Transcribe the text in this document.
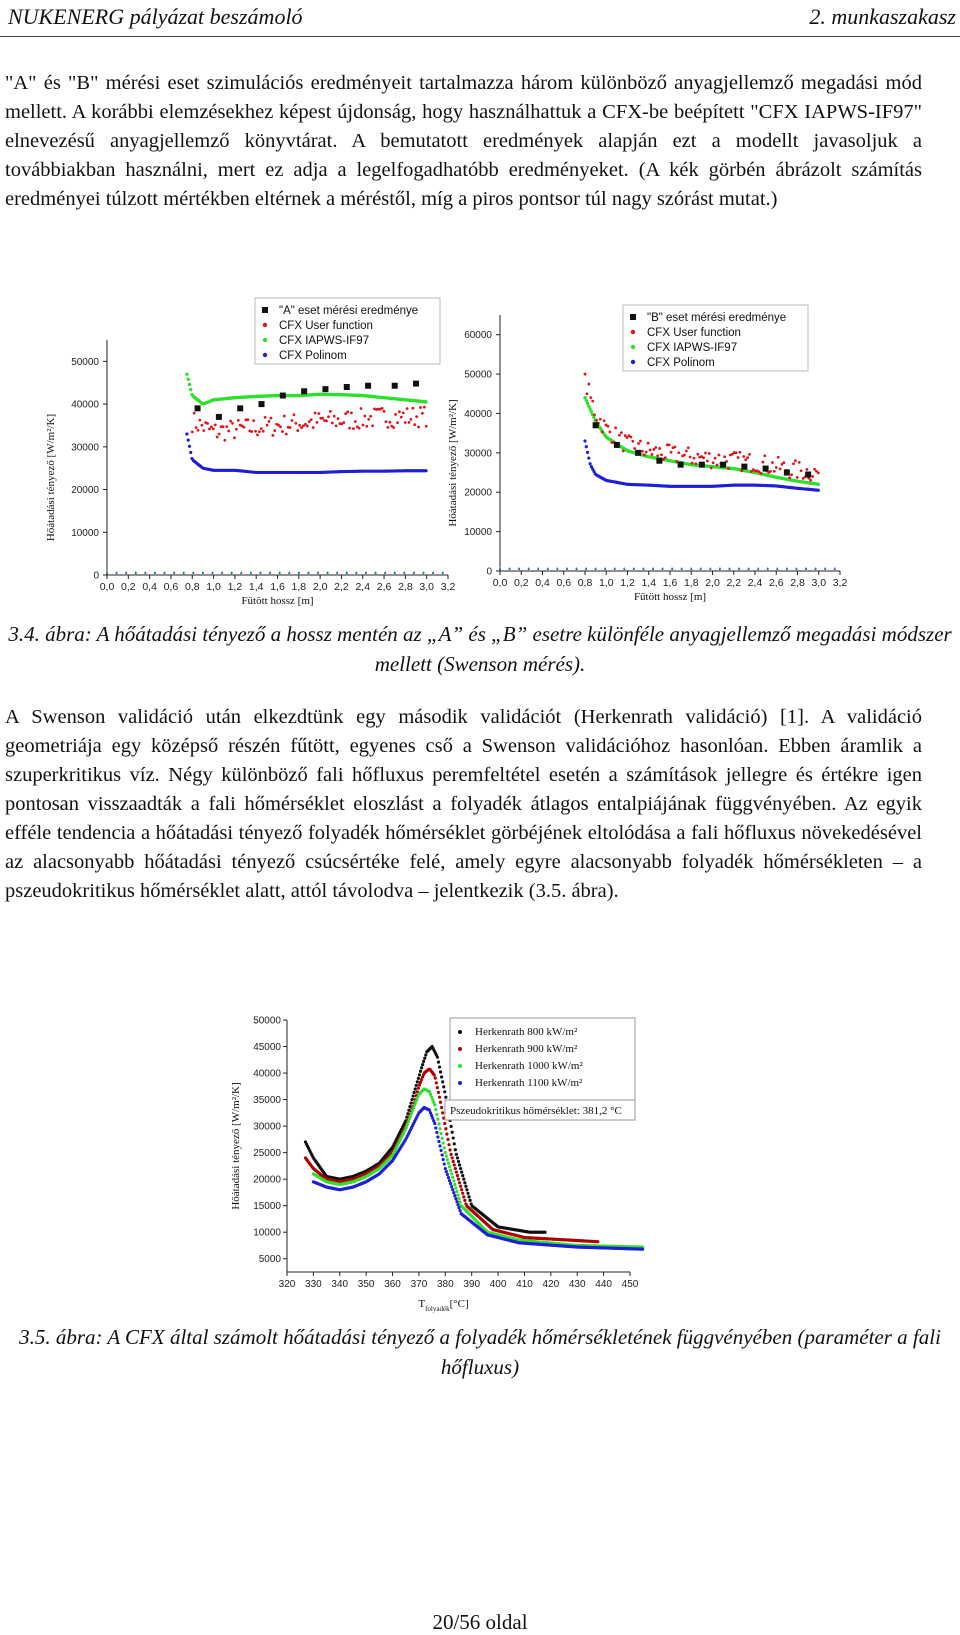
NUKENERG pályázat beszámoló	2. munkaszakasz

"A" és "B" mérési eset szimulációs eredményeit tartalmazza három különböző anyagjellemző megadási mód mellett. A korábbi elemzésekhez képest újdonság, hogy használhattuk a CFX-be beépített "CFX IAPWS-IF97" elnevezésű anyagjellemző könyvtárat. A bemutatott eredmények alapján ezt a modellt javasoljuk a továbbiakban használni, mert ez adja a legelfogadhatóbb eredményeket. (A kék görbén ábrázolt számítás eredményei túlzott mértékben eltérnek a méréstől, míg a piros pontsor túl nagy szórást mutat.)

0
10000
20000
30000
40000
50000
0,0 0,2 0,4 0,6 0,8 1,0 1,2 1,4 1,6 1,8 2,0 2,2 2,4 2,6 2,8 3,0 3,2
Fűtött hossz [m]
Hőátadási tényező [W/m²/K]
"A" eset mérési eredménye
CFX User function
CFX IAPWS-IF97
CFX Polinom
0
10000
20000
30000
40000
50000
60000
0,0 0,2 0,4 0,6 0,8 1,0 1,2 1,4 1,6 1,8 2,0 2,2 2,4 2,6 2,8 3,0 3,2
Fűtött hossz [m]
Hőátadási tényező [W/m²/K]
"B" eset mérési eredménye
CFX User function
CFX IAPWS-IF97
CFX Polinom
3.4. ábra: A hőátadási tényező a hossz mentén az „A” és „B” esetre különféle anyagjellemző megadási módszer mellett (Swenson mérés).

A Swenson validáció után elkezdtünk egy második validációt (Herkenrath validáció) [1]. A validáció geometriája egy középső részén fűtött, egyenes cső a Swenson validációhoz hasonlóan. Ebben áramlik a szuperkritikus víz. Négy különböző fali hőfluxus peremfeltétel esetén a számítások jellegre és értékre igen pontosan visszaadták a fali hőmérséklet eloszlást a folyadék átlagos entalpiájának függvényében. Az egyik efféle tendencia a hőátadási tényező folyadék hőmérséklet görbéjének eltolódása a fali hőfluxus növekedésével az alacsonyabb hőátadási tényező csúcsértéke felé, amely egyre alacsonyabb folyadék hőmérsékleten – a pszeudokritikus hőmérséklet alatt, attól távolodva – jelentkezik (3.5. ábra).

5000
10000
15000
20000
25000
30000
35000
40000
45000
50000
320 330 340 350 360 370 380 390 400 410 420 430 440 450
$T_{folyadék}[^\circ C]$
Hőátadási tényező [W/m²/K]
Herkenrath 800 kW/m²
Herkenrath 900 kW/m²
Herkenrath 1000 kW/m²
Herkenrath 1100 kW/m²
Pszeudokritikus hőmérséklet: 381,2 °C
3.5. ábra: A CFX által számolt hőátadási tényező a folyadék hőmérsékletének függvényében (paraméter a fali hőfluxus)
20/56 oldal
